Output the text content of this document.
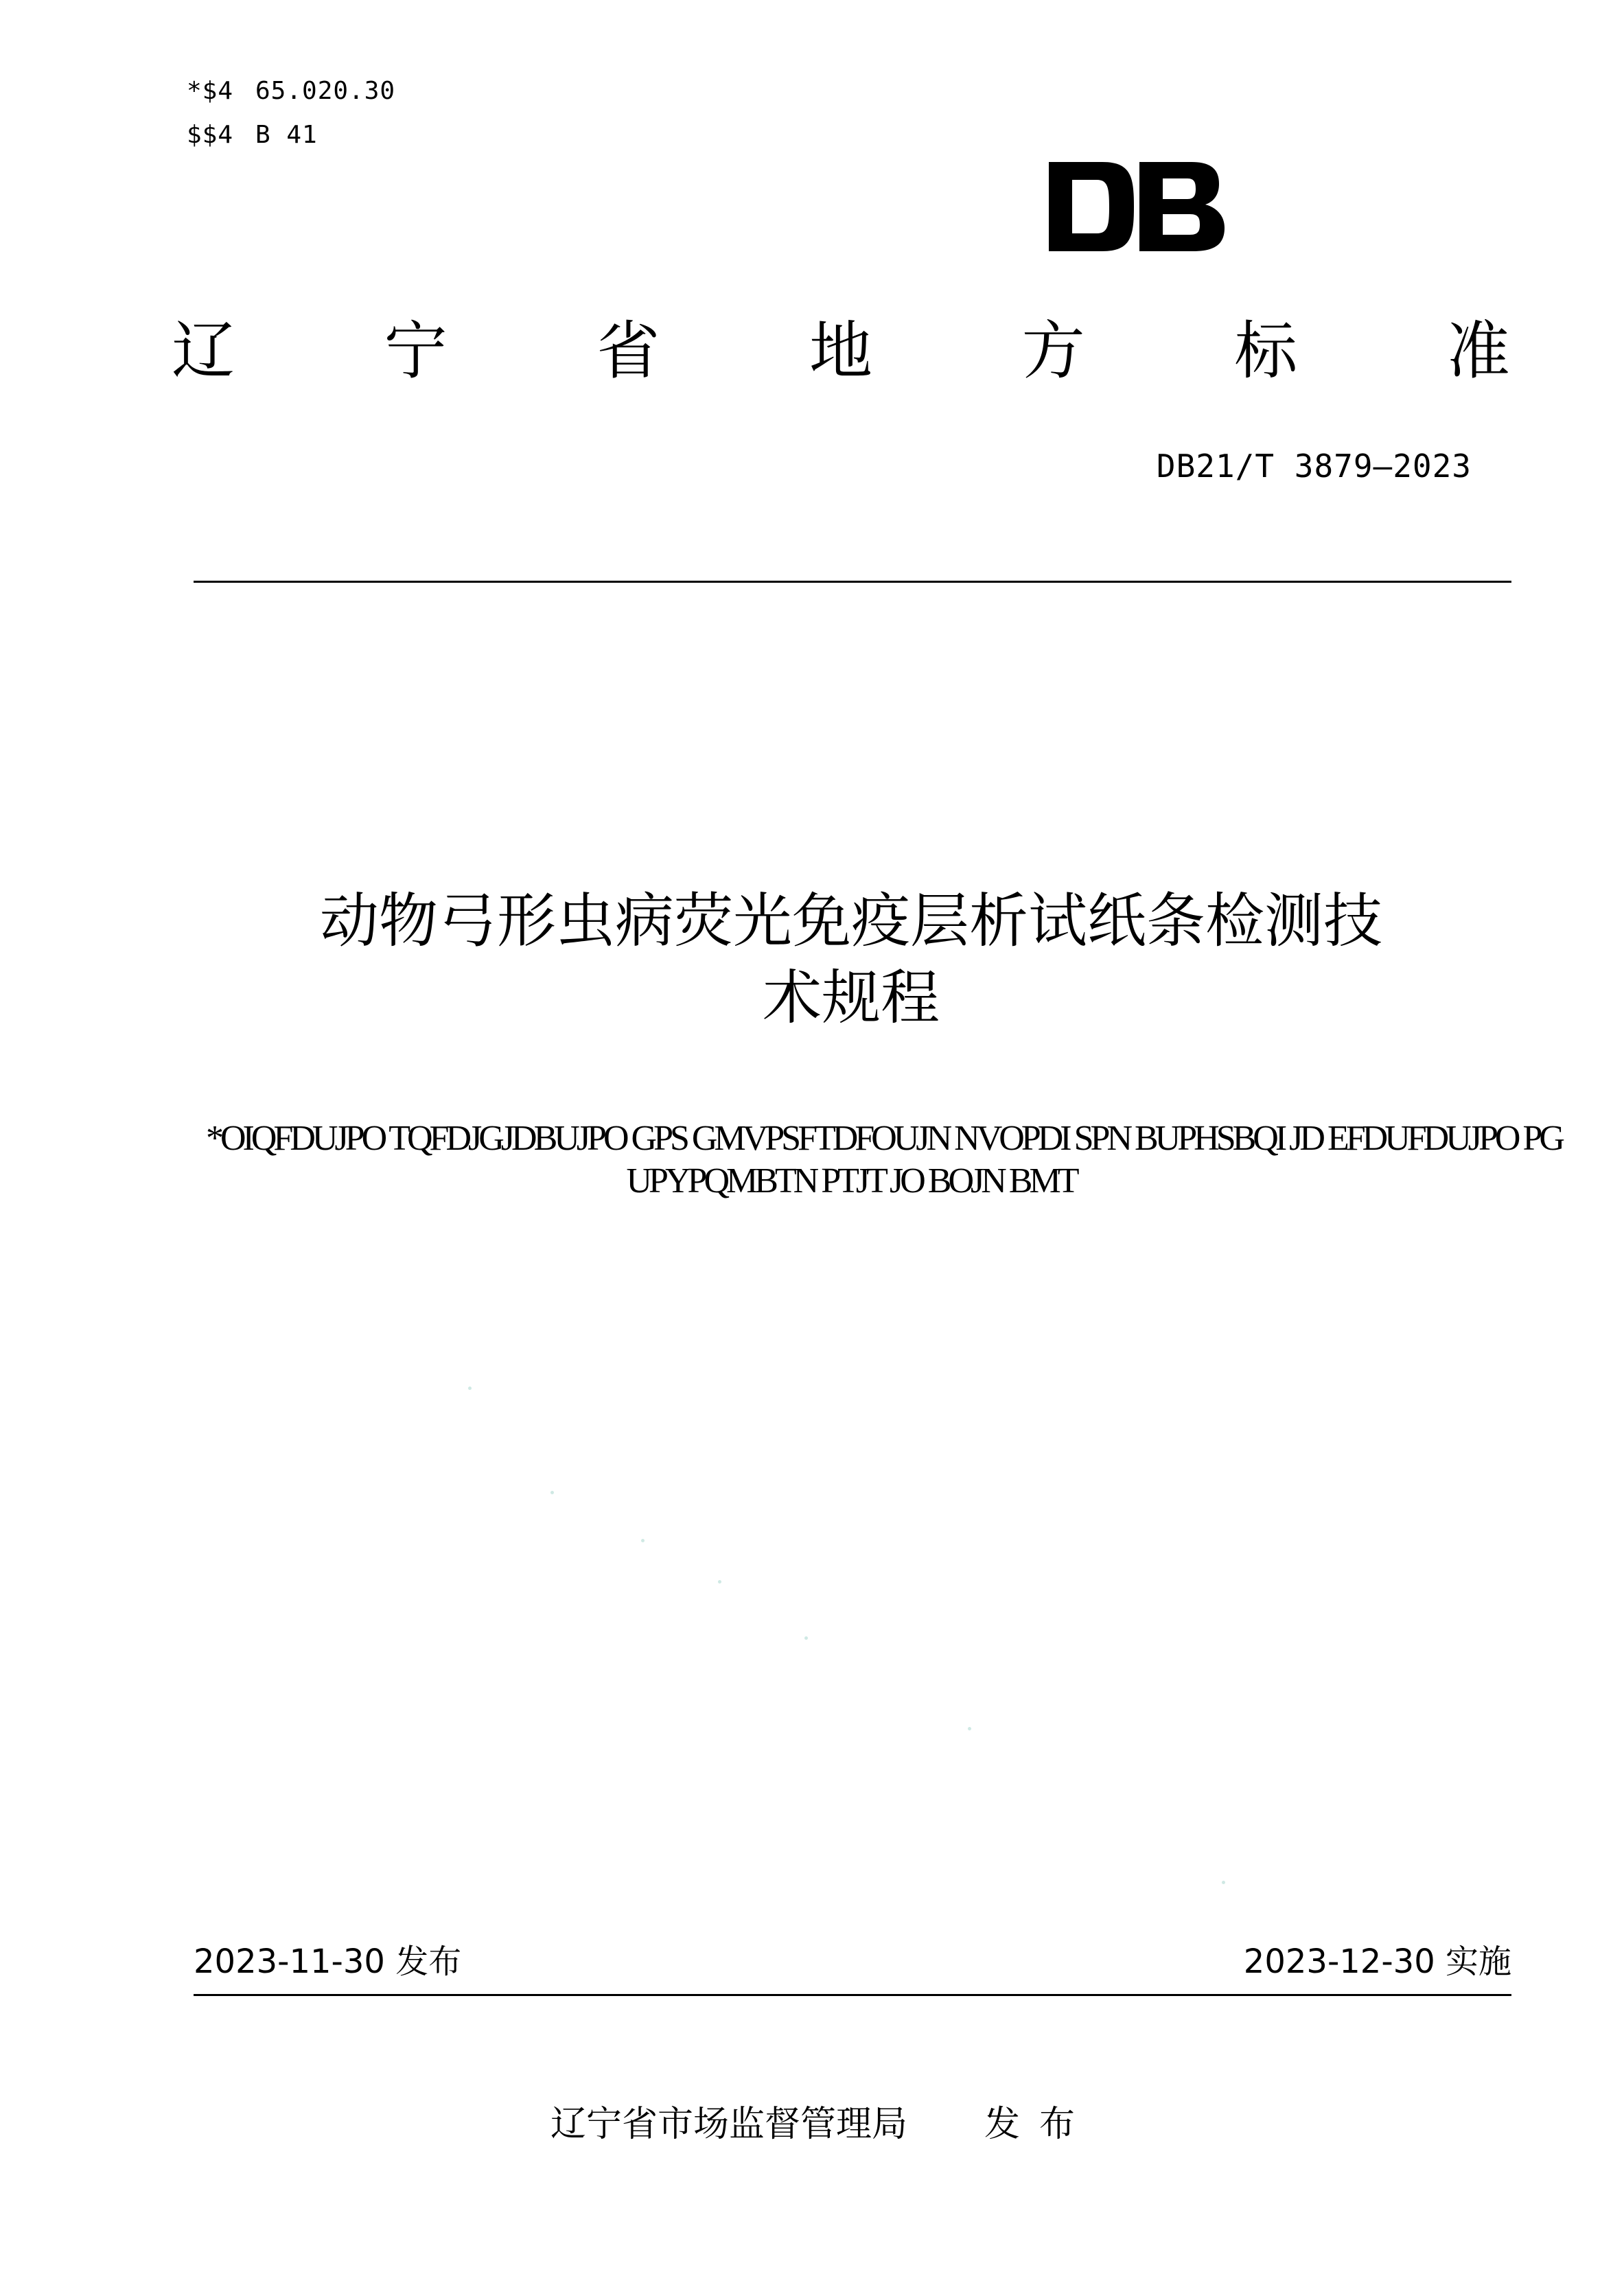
*$4 65.020.30
$$4 B 41
辽 宁 省 地 方 标 准
DB21/T 3879—2023
动物弓形虫病荧光免疫层析试纸条检测技
术规程
*OIQFDUJPO TQFDJGJDBUJPO GPS GMVPSFTDFOUJN NVOPDI SPN BUPHSBQI JD EFDUFDUJPO PG
UPYPQMBTN PTJT JO BOJN BMT
2023-11-30 发布	2023-12-30 实施
辽宁省市场监督管理局 发布
